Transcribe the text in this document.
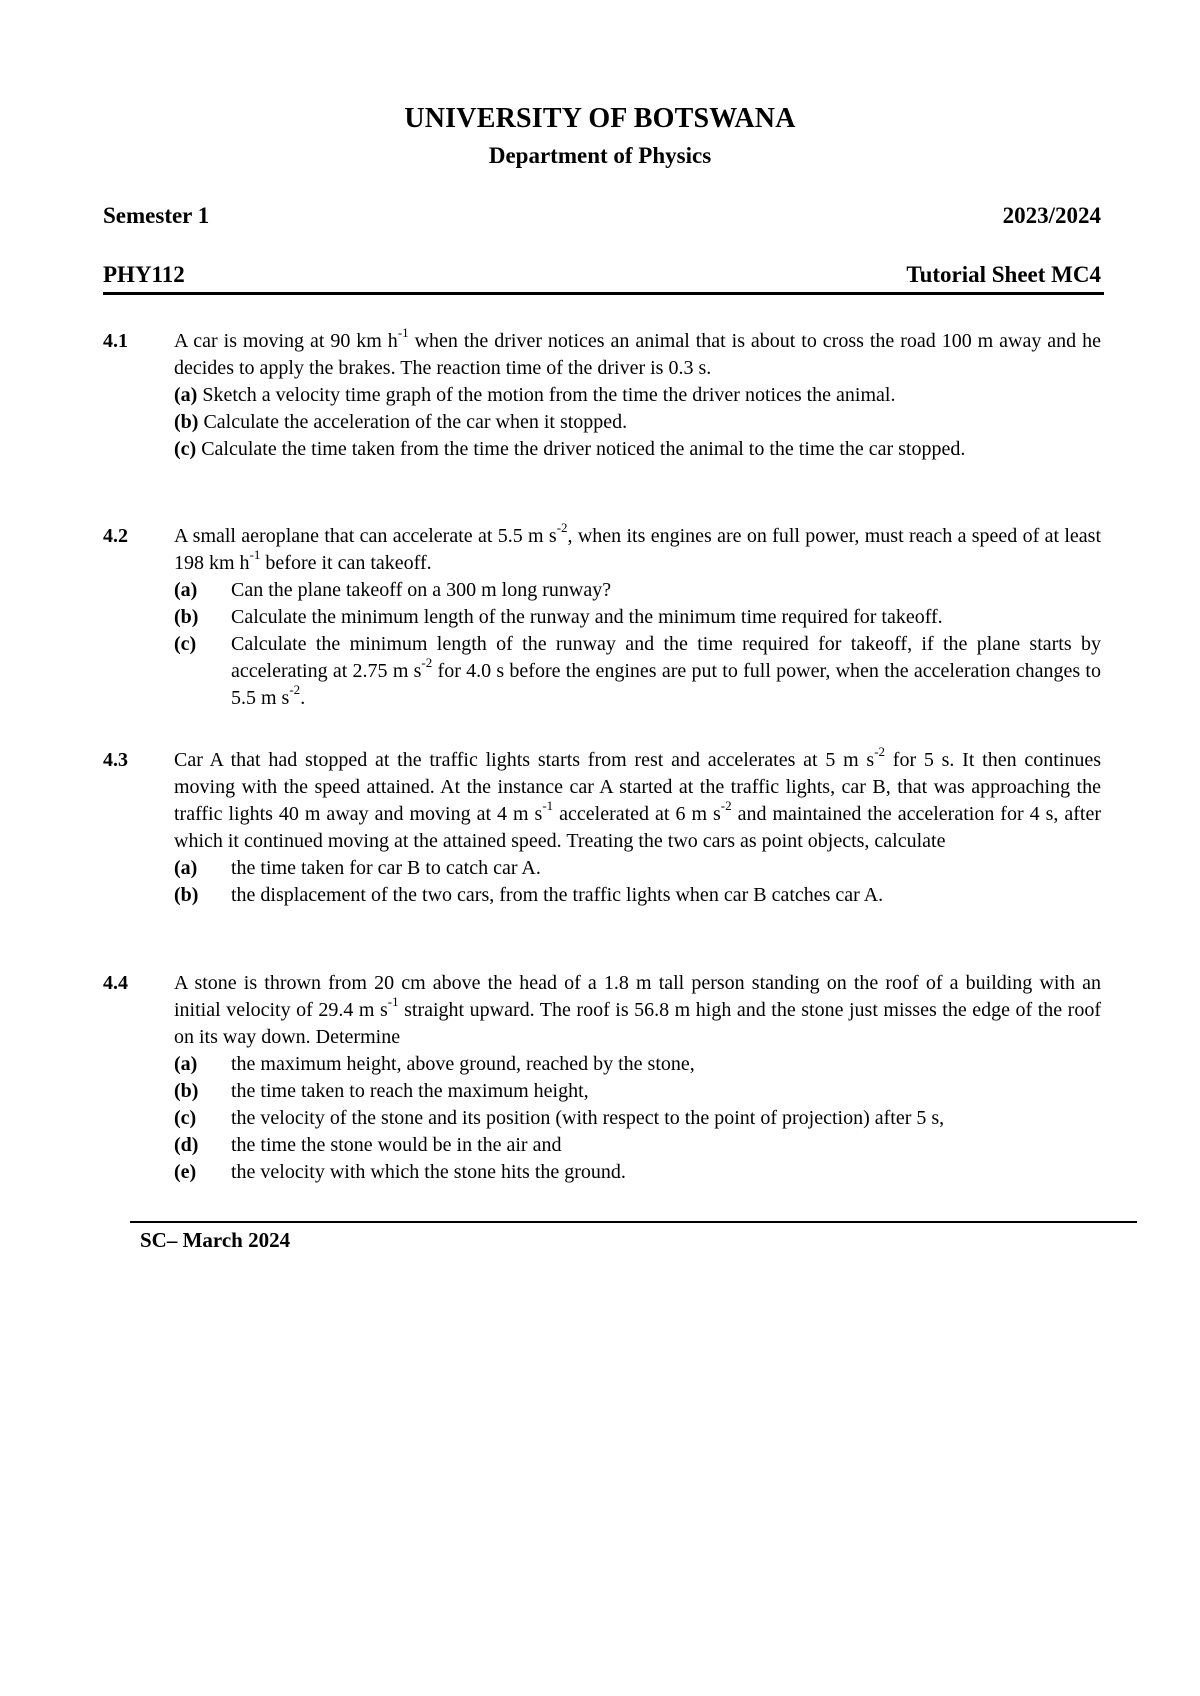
UNIVERSITY OF BOTSWANA
Department of Physics
Semester 1	2023/2024
PHY112	Tutorial Sheet MC4
4.1 A car is moving at 90 km $h^{-1}$ when the driver notices an animal that is about to cross the road 100 m away and he decides to apply the brakes. The reaction time of the driver is 0.3 s.

(a) Sketch a velocity time graph of the motion from the time the driver notices the animal.
(b) Calculate the acceleration of the car when it stopped.
(c) Calculate the time taken from the time the driver noticed the animal to the time the car stopped.
4.2 A small aeroplane that can accelerate at 5.5 m $s^{-2}$, when its engines are on full power, must reach a speed of at least 198 km $h^{-1}$ before it can takeoff.

(a) Can the plane takeoff on a 300 m long runway?
(b) Calculate the minimum length of the runway and the minimum time required for takeoff.
(c) Calculate the minimum length of the runway and the time required for takeoff, if the plane starts by accelerating at 2.75 m $s^{-2}$ for 4.0 s before the engines are put to full power, when the acceleration changes to 5.5 m $s^{-2}$.
4.3 Car A that had stopped at the traffic lights starts from rest and accelerates at 5 m $s^{-2}$ for 5 s. It then continues moving with the speed attained. At the instance car A started at the traffic lights, car B, that was approaching the traffic lights 40 m away and moving at 4 m $s^{-1}$ accelerated at 6 m $s^{-2}$ and maintained the acceleration for 4 s, after which it continued moving at the attained speed. Treating the two cars as point objects, calculate

(a) the time taken for car B to catch car A.
(b) the displacement of the two cars, from the traffic lights when car B catches car A.
4.4 A stone is thrown from 20 cm above the head of a 1.8 m tall person standing on the roof of a building with an initial velocity of 29.4 m $s^{-1}$ straight upward. The roof is 56.8 m high and the stone just misses the edge of the roof on its way down. Determine

(a) the maximum height, above ground, reached by the stone,
(b) the time taken to reach the maximum height,
(c) the velocity of the stone and its position (with respect to the point of projection) after 5 s,
(d) the time the stone would be in the air and
(e) the velocity with which the stone hits the ground.
SC– March 2024
